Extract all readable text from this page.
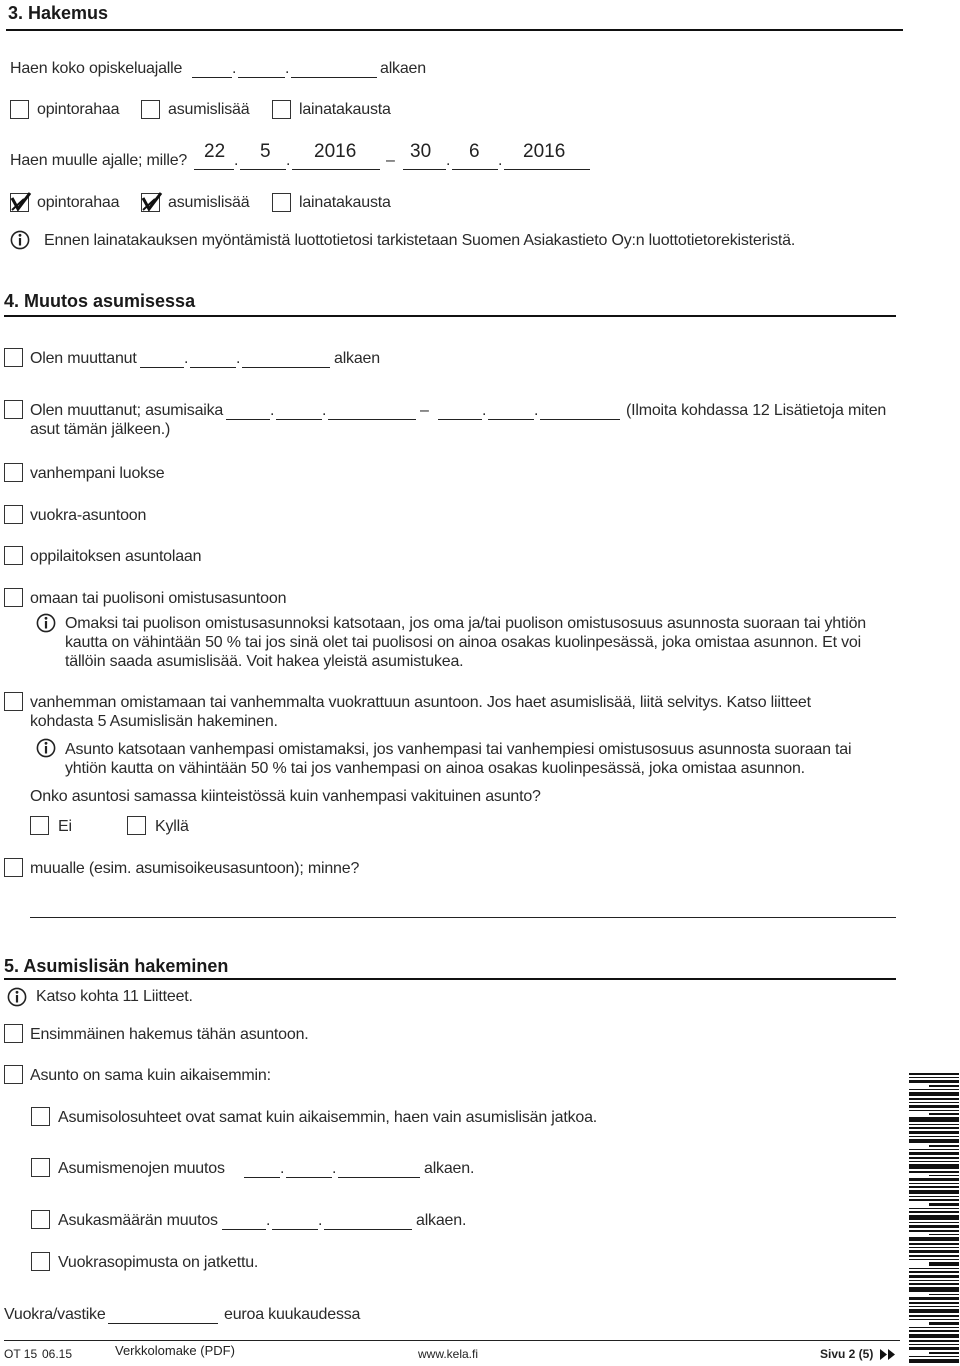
3. Hakemus
Haen koko opiskeluajalle	.	.	alkaen
opintorahaa	asumislisää	lainatakausta
Haen muulle ajalle; mille? 22 . 5 . 2016 – 30 . 6 . 2016
opintorahaa	asumislisää	lainatakausta
Ennen lainatakauksen myöntämistä luottotietosi tarkistetaan Suomen Asiakastieto Oy:n luottotietorekisteristä.
4. Muutos asumisessa
Olen muuttanut	.	.	alkaen
Olen muuttanut; asumisaika	.	.	–	.	.	(Ilmoita kohdassa 12 Lisätietoja miten asut tämän jälkeen.)
vanhempani luokse
vuokra-asuntoon
oppilaitoksen asuntolaan
omaan tai puolisoni omistusasuntoon
Omaksi tai puolison omistusasunnoksi katsotaan, jos oma ja/tai puolison omistusosuus asunnosta suoraan tai yhtiön kautta on vähintään 50 % tai jos sinä olet tai puolisosi on ainoa osakas kuolinpesässä, joka omistaa asunnon. Et voi tällöin saada asumislisää. Voit hakea yleistä asumistukea.
vanhemman omistamaan tai vanhemmalta vuokrattuun asuntoon. Jos haet asumislisää, liitä selvitys. Katso liitteet kohdasta 5 Asumislisän hakeminen.
Asunto katsotaan vanhempasi omistamaksi, jos vanhempasi tai vanhempiesi omistusosuus asunnosta suoraan tai yhtiön kautta on vähintään 50 % tai jos vanhempasi on ainoa osakas kuolinpesässä, joka omistaa asunnon.
Onko asuntosi samassa kiinteistössä kuin vanhempasi vakituinen asunto?
Ei	Kyllä
muualle (esim. asumisoikeusasuntoon); minne?
5. Asumislisän hakeminen
Katso kohta 11 Liitteet.
Ensimmäinen hakemus tähän asuntoon.
Asunto on sama kuin aikaisemmin:
Asumisolosuhteet ovat samat kuin aikaisemmin, haen vain asumislisän jatkoa.
Asumismenojen muutos	.	.	alkaen.
Asukasmäärän muutos	.	.	alkaen.
Vuokrasopimusta on jatkettu.
Vuokra/vastike	euroa kuukaudessa
OT 15 06.15	Verkkolomake (PDF)	www.kela.fi	Sivu 2 (5)
